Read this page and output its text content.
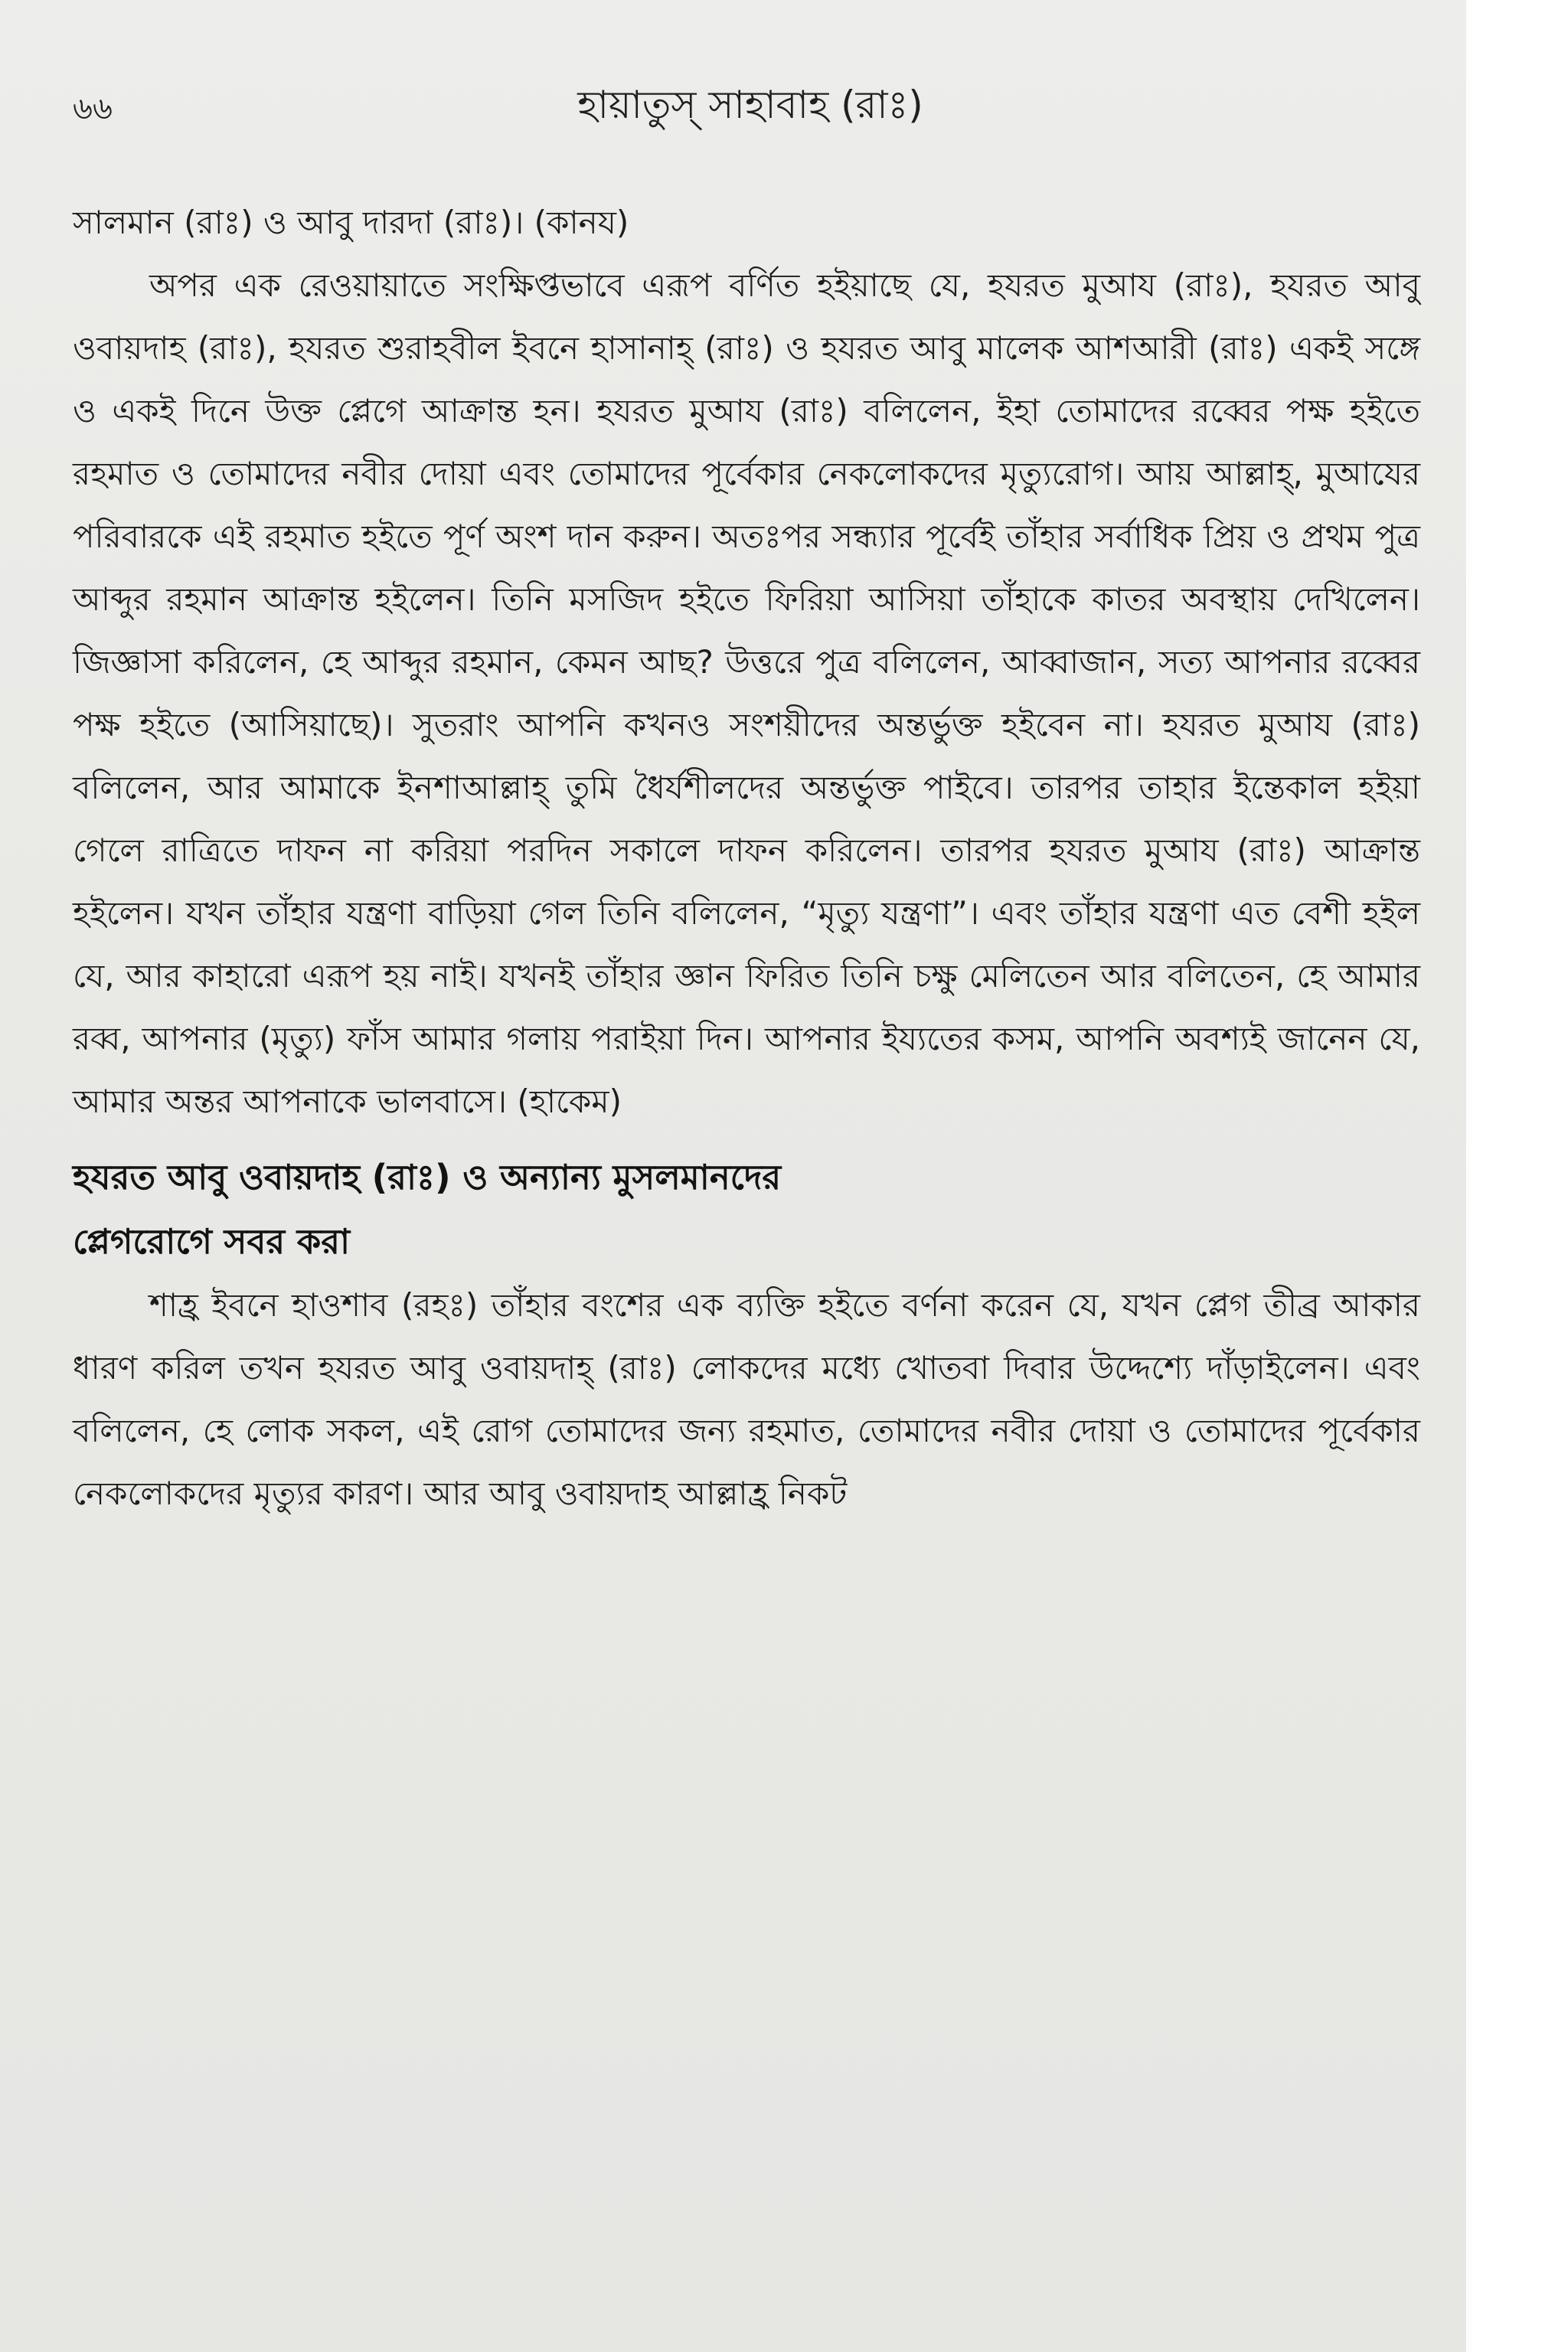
৬৬	হায়াতুস্ সাহাবাহ (রাঃ)

সালমান (রাঃ) ও আবু দারদা (রাঃ)। (কানয)

অপর এক রেওয়ায়াতে সংক্ষিপ্তভাবে এরূপ বর্ণিত হইয়াছে যে, হযরত মুআয (রাঃ), হযরত আবু ওবায়দাহ (রাঃ), হযরত শুরাহবীল ইবনে হাসানাহ্ (রাঃ) ও হযরত আবু মালেক আশআরী (রাঃ) একই সঙ্গে ও একই দিনে উক্ত প্লেগে আক্রান্ত হন। হযরত মুআয (রাঃ) বলিলেন, ইহা তোমাদের রব্বের পক্ষ হইতে রহমাত ও তোমাদের নবীর দোয়া এবং তোমাদের পূর্বেকার নেকলোকদের মৃত্যুরোগ। আয় আল্লাহ্, মুআযের পরিবারকে এই রহমাত হইতে পূর্ণ অংশ দান করুন। অতঃপর সন্ধ্যার পূর্বেই তাঁহার সর্বাধিক প্রিয় ও প্রথম পুত্র আব্দুর রহমান আক্রান্ত হইলেন। তিনি মসজিদ হইতে ফিরিয়া আসিয়া তাঁহাকে কাতর অবস্থায় দেখিলেন। জিজ্ঞাসা করিলেন, হে আব্দুর রহমান, কেমন আছ? উত্তরে পুত্র বলিলেন, আব্বাজান, সত্য আপনার রব্বের পক্ষ হইতে (আসিয়াছে)। সুতরাং আপনি কখনও সংশয়ীদের অন্তর্ভুক্ত হইবেন না। হযরত মুআয (রাঃ) বলিলেন, আর আমাকে ইনশাআল্লাহ্ তুমি ধৈর্যশীলদের অন্তর্ভুক্ত পাইবে। তারপর তাহার ইন্তেকাল হইয়া গেলে রাত্রিতে দাফন না করিয়া পরদিন সকালে দাফন করিলেন। তারপর হযরত মুআয (রাঃ) আক্রান্ত হইলেন। যখন তাঁহার যন্ত্রণা বাড়িয়া গেল তিনি বলিলেন, “মৃত্যু যন্ত্রণা”। এবং তাঁহার যন্ত্রণা এত বেশী হইল যে, আর কাহারো এরূপ হয় নাই। যখনই তাঁহার জ্ঞান ফিরিত তিনি চক্ষু মেলিতেন আর বলিতেন, হে আমার রব্ব, আপনার (মৃত্যু) ফাঁস আমার গলায় পরাইয়া দিন। আপনার ইয্যতের কসম, আপনি অবশ্যই জানেন যে, আমার অন্তর আপনাকে ভালবাসে। (হাকেম)

হযরত আবু ওবায়দাহ (রাঃ) ও অন্যান্য মুসলমানদের
প্লেগরোগে সবর করা

শাহ্র ইবনে হাওশাব (রহঃ) তাঁহার বংশের এক ব্যক্তি হইতে বর্ণনা করেন যে, যখন প্লেগ তীব্র আকার ধারণ করিল তখন হযরত আবু ওবায়দাহ্ (রাঃ) লোকদের মধ্যে খোতবা দিবার উদ্দেশ্যে দাঁড়াইলেন। এবং বলিলেন, হে লোক সকল, এই রোগ তোমাদের জন্য রহমাত, তোমাদের নবীর দোয়া ও তোমাদের পূর্বেকার নেকলোকদের মৃত্যুর কারণ। আর আবু ওবায়দাহ আল্লাহ্র নিকট
